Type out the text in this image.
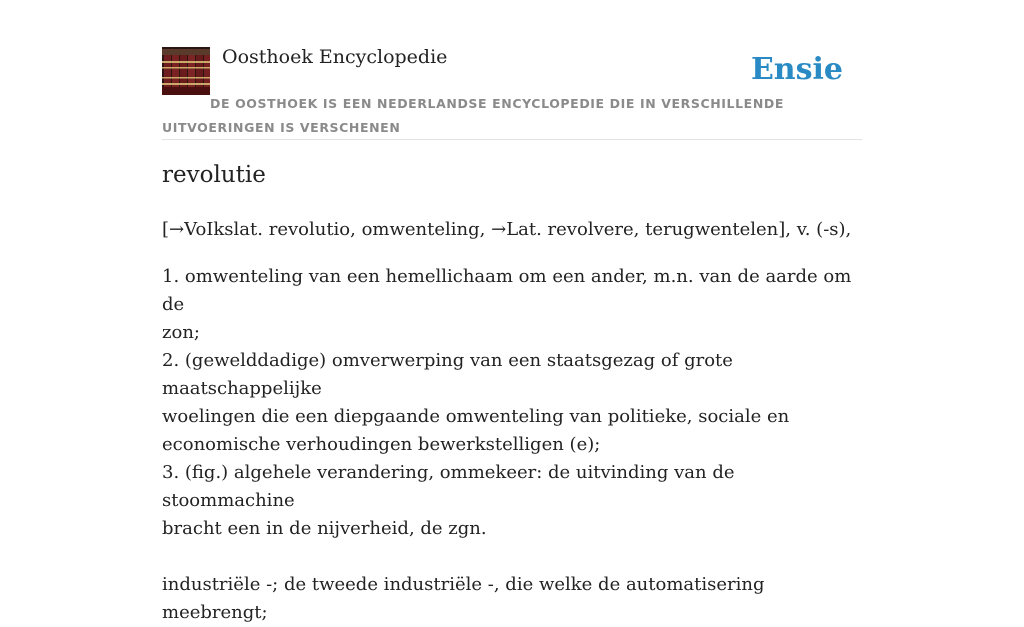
Oosthoek Encyclopedie	Ensie
DE OOSTHOEK IS EEN NEDERLANDSE ENCYCLOPEDIE DIE IN VERSCHILLENDE UITVOERINGEN IS VERSCHENEN
revolutie

[→VoIkslat. revolutio, omwenteling, →Lat. revolvere, terugwentelen], v. (-s),

1. omwenteling van een hemellichaam om een ander, m.n. van de aarde om de
zon;
2. (gewelddadige) omverwerping van een staatsgezag of grote maatschappelijke
woelingen die een diepgaande omwenteling van politieke, sociale en
economische verhoudingen bewerkstelligen (e);
3. (fig.) algehele verandering, ommekeer: de uitvinding van de stoommachine
bracht een in de nijverheid, de zgn.
industriële -; de tweede industriële -, die welke de automatisering meebrengt;
